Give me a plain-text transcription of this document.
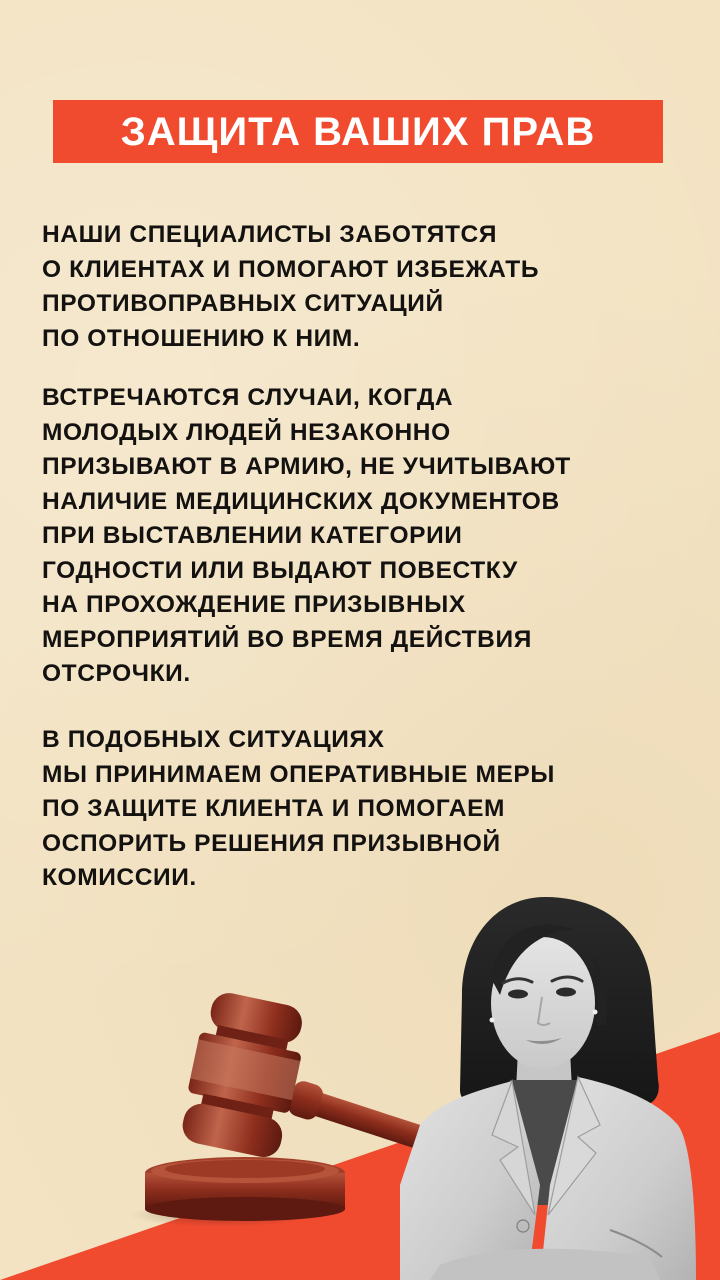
ЗАЩИТА ВАШИХ ПРАВ
НАШИ СПЕЦИАЛИСТЫ ЗАБОТЯТСЯ
О КЛИЕНТАХ И ПОМОГАЮТ ИЗБЕЖАТЬ
ПРОТИВОПРАВНЫХ СИТУАЦИЙ
ПО ОТНОШЕНИЮ К НИМ.
ВСТРЕЧАЮТСЯ СЛУЧАИ, КОГДА
МОЛОДЫХ ЛЮДЕЙ НЕЗАКОННО
ПРИЗЫВАЮТ В АРМИЮ, НЕ УЧИТЫВАЮТ
НАЛИЧИЕ МЕДИЦИНСКИХ ДОКУМЕНТОВ
ПРИ ВЫСТАВЛЕНИИ КАТЕГОРИИ
ГОДНОСТИ ИЛИ ВЫДАЮТ ПОВЕСТКУ
НА ПРОХОЖДЕНИЕ ПРИЗЫВНЫХ
МЕРОПРИЯТИЙ ВО ВРЕМЯ ДЕЙСТВИЯ
ОТСРОЧКИ.
В ПОДОБНЫХ СИТУАЦИЯХ
МЫ ПРИНИМАЕМ ОПЕРАТИВНЫЕ МЕРЫ
ПО ЗАЩИТЕ КЛИЕНТА И ПОМОГАЕМ
ОСПОРИТЬ РЕШЕНИЯ ПРИЗЫВНОЙ
КОМИССИИ.
